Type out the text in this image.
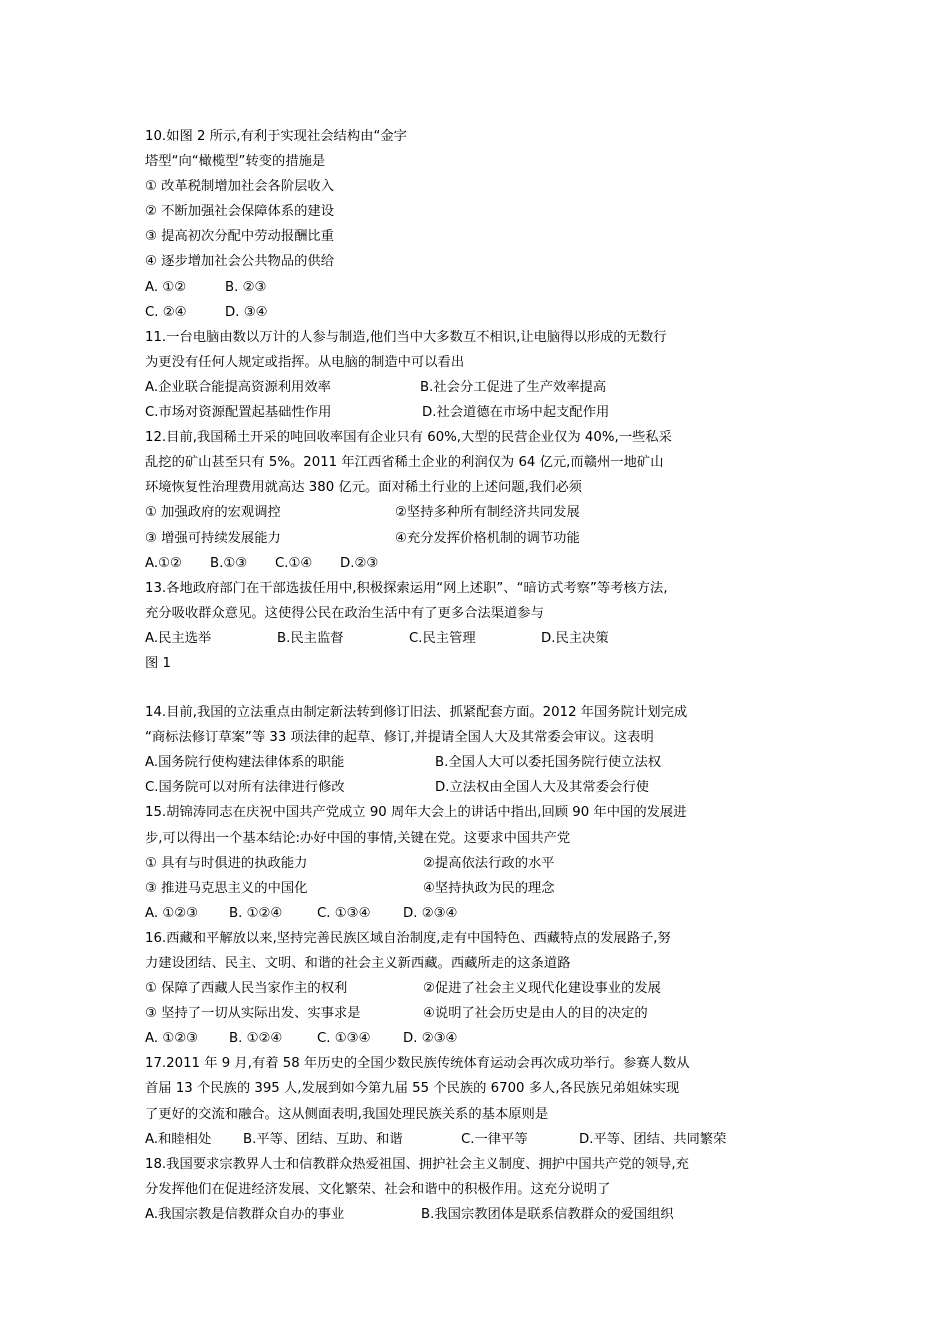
10.如图 2 所示,有利于实现社会结构由“金字
塔型“向“橄榄型”转变的措施是
① 改革税制增加社会各阶层收入
② 不断加强社会保障体系的建设
③ 提高初次分配中劳动报酬比重
④ 逐步增加社会公共物品的供给
A. ①②	B. ②③
C. ②④	D. ③④
11.一台电脑由数以万计的人参与制造,他们当中大多数互不相识,让电脑得以形成的无数行
为更没有任何人规定或指挥。从电脑的制造中可以看出
A.企业联合能提高资源利用效率	B.社会分工促进了生产效率提高
C.市场对资源配置起基础性作用	D.社会道德在市场中起支配作用
12.目前,我国稀土开采的吨回收率国有企业只有 60%,大型的民营企业仅为 40%,一些私采
乱挖的矿山甚至只有 5%。2011 年江西省稀土企业的利润仅为 64 亿元,而赣州一地矿山
环境恢复性治理费用就高达 380 亿元。面对稀土行业的上述问题,我们必须
① 加强政府的宏观调控	②坚持多种所有制经济共同发展
③ 增强可持续发展能力	④充分发挥价格机制的调节功能
A.①② B.①③ C.①④ D.②③
13.各地政府部门在干部选拔任用中,积极探索运用“网上述职”、“暗访式考察”等考核方法,
充分吸收群众意见。这使得公民在政治生活中有了更多合法渠道参与
A.民主选举	B.民主监督	C.民主管理	D.民主决策
图 1
14.目前,我国的立法重点由制定新法转到修订旧法、抓紧配套方面。2012 年国务院计划完成
“商标法修订草案”等 33 项法律的起草、修订,并提请全国人大及其常委会审议。这表明
A.国务院行使构建法律体系的职能	B.全国人大可以委托国务院行使立法权
C.国务院可以对所有法律进行修改	D.立法权由全国人大及其常委会行使
15.胡锦涛同志在庆祝中国共产党成立 90 周年大会上的讲话中指出,回顾 90 年中国的发展进
步,可以得出一个基本结论:办好中国的事情,关键在党。这要求中国共产党
① 具有与时俱进的执政能力	②提高依法行政的水平
③ 推进马克思主义的中国化	④坚持执政为民的理念
A. ①②③ B. ①②④	C. ①③④ D. ②③④
16.西藏和平解放以来,坚持完善民族区域自治制度,走有中国特色、西藏特点的发展路子,努
力建设团结、民主、文明、和谐的社会主义新西藏。西藏所走的这条道路
① 保障了西藏人民当家作主的权利	②促进了社会主义现代化建设事业的发展
③ 坚持了一切从实际出发、实事求是	④说明了社会历史是由人的目的决定的
A. ①②③ B. ①②④	C. ①③④ D. ②③④
17.2011 年 9 月,有着 58 年历史的全国少数民族传统体育运动会再次成功举行。参赛人数从
首届 13 个民族的 395 人,发展到如今第九届 55 个民族的 6700 多人,各民族兄弟姐妹实现
了更好的交流和融合。这从侧面表明,我国处理民族关系的基本原则是
A.和睦相处 B.平等、团结、互助、和谐	C.一律平等	D.平等、团结、共同繁荣
18.我国要求宗教界人士和信教群众热爱祖国、拥护社会主义制度、拥护中国共产党的领导,充
分发挥他们在促进经济发展、文化繁荣、社会和谐中的积极作用。这充分说明了
A.我国宗教是信教群众自办的事业	B.我国宗教团体是联系信教群众的爱国组织
